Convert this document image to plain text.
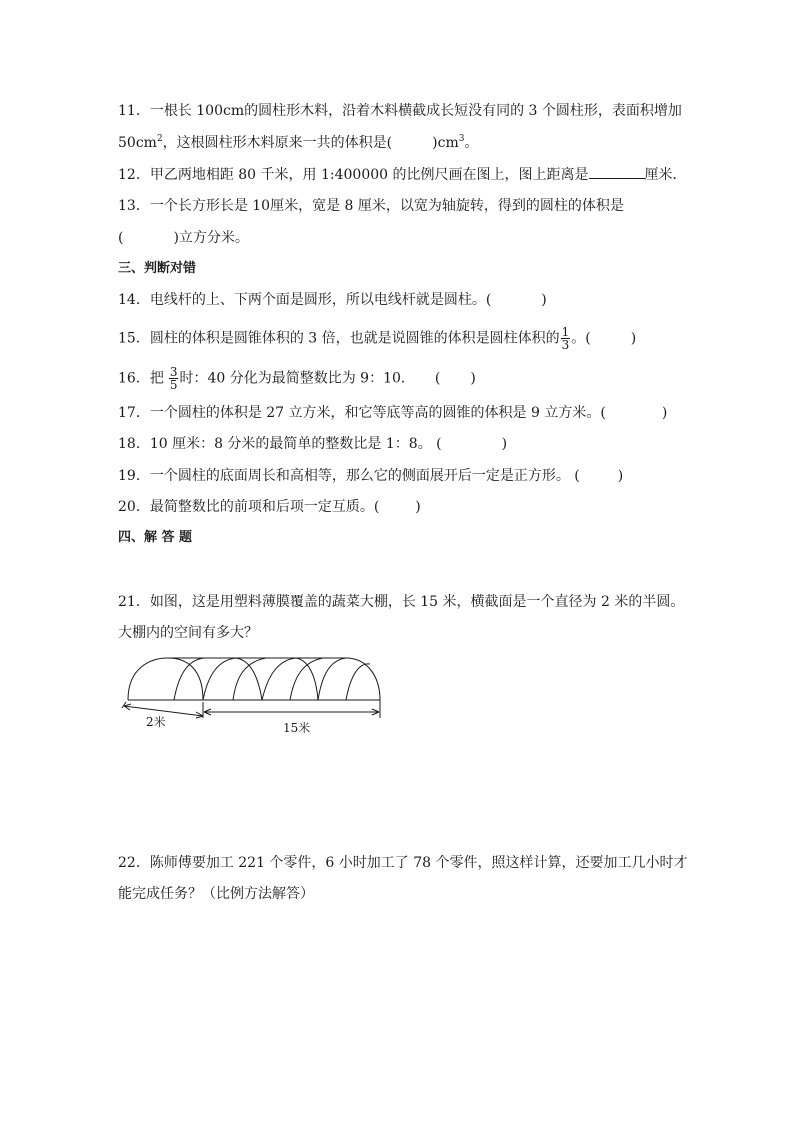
11．一根长 100cm的圆柱形木料，沿着木料横截成长短没有同的 3 个圆柱形，表面积增加
$50cm^2$，这根圆柱形木料原来一共的体积是(	)$cm^3$。
12．甲乙两地相距 80 千米，用 1:400000 的比例尺画在图上，图上距离是	厘米．
13．一个长方形长是 10厘米，宽是 8 厘米，以宽为轴旋转，得到的圆柱的体积是
(	)立方分米。
三、判断对错
14．电线杆的上、下两个面是圆形，所以电线杆就是圆柱。(	)
15．圆柱的体积是圆锥体积的 3 倍，也就是说圆锥的体积是圆柱体积的 $\frac{1}{3}$ 。(	)
16．把 $\frac{3}{5}$ 时：40 分化为最简整数比为 9：10． ( )
17．一个圆柱的体积是 27 立方米，和它等底等高的圆锥的体积是 9 立方米。(	)
18．10 厘米：8 分米的最简单的整数比是 1：8。 (	)
19．一个圆柱的底面周长和高相等，那么它的侧面展开后一定是正方形。 (	)
20．最简整数比的前项和后项一定互质。(	)
四、解 答 题
21．如图，这是用塑料薄膜覆盖的蔬菜大棚，长 15 米，横截面是一个直径为 2 米的半圆。
大棚内的空间有多大？
2米	15米
22．陈师傅要加工 221 个零件，6 小时加工了 78 个零件，照这样计算，还要加工几小时才
能完成任务？（比例方法解答）
